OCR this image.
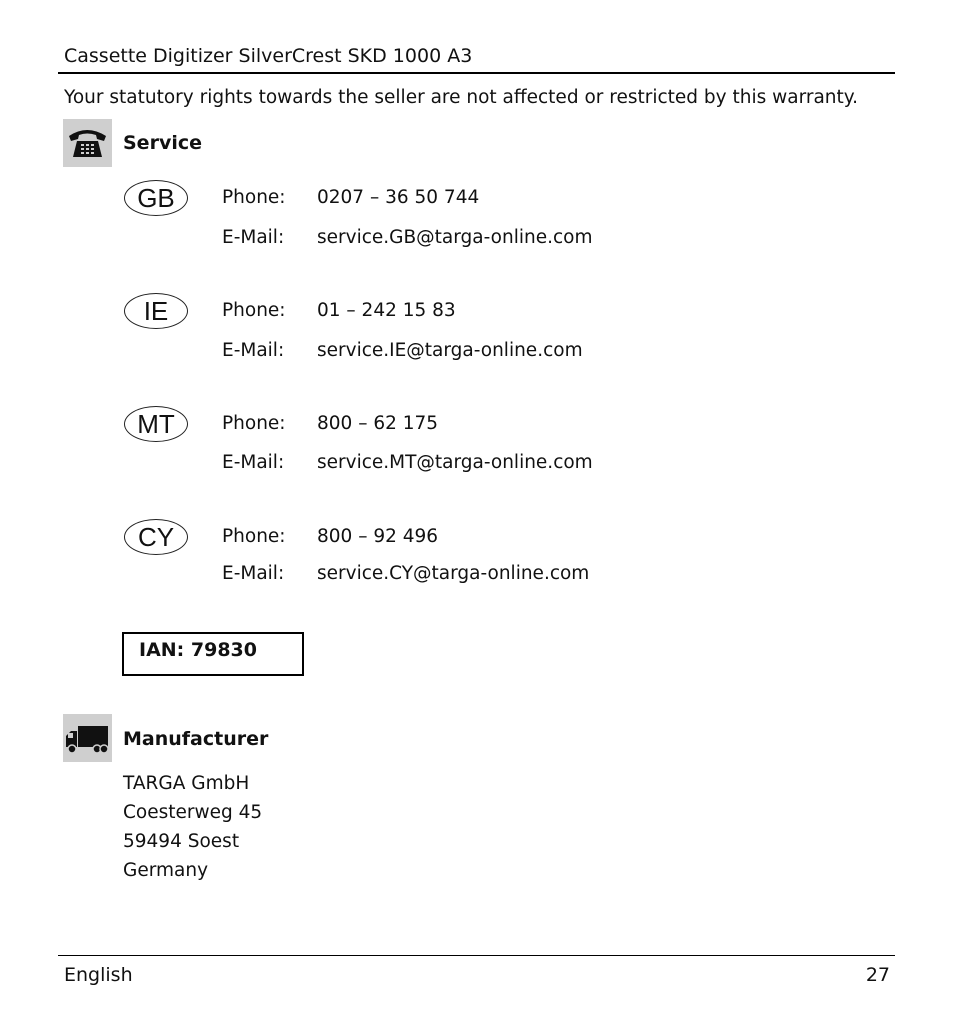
Cassette Digitizer SilverCrest SKD 1000 A3
Your statutory rights towards the seller are not affected or restricted by this warranty.
Service
GB	Phone: 0207 – 36 50 744
E-Mail: service.GB@targa-online.com
IE	Phone: 01 – 242 15 83
E-Mail: service.IE@targa-online.com
MT	Phone: 800 – 62 175
E-Mail: service.MT@targa-online.com
CY	Phone: 800 – 92 496
E-Mail: service.CY@targa-online.com
IAN: 79830
Manufacturer
TARGA GmbH
Coesterweg 45
59494 Soest
Germany
English	27
